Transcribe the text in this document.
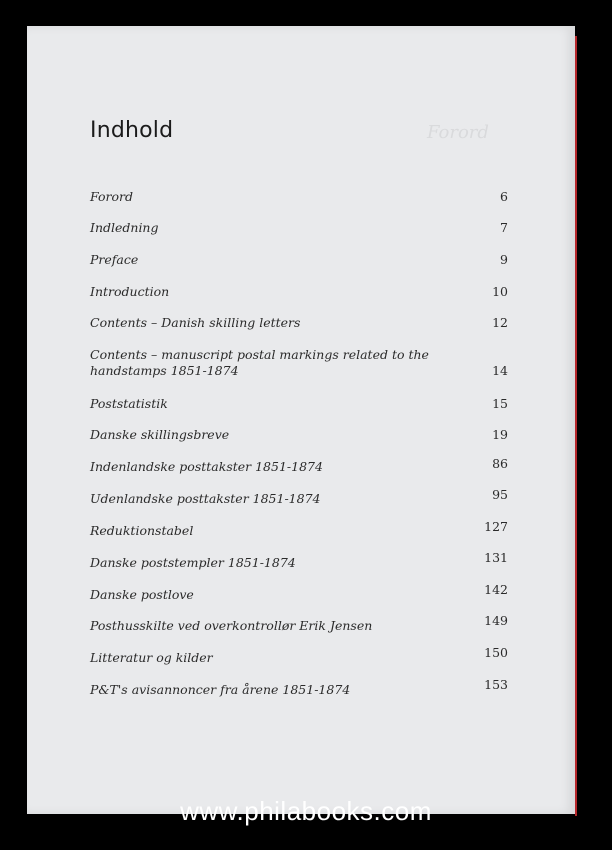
Forord
Indhold
Forord	6
Indledning	7
Preface	9
Introduction	10
Contents – Danish skilling letters	12
Contents – manuscript postal markings related to the handstamps 1851-1874	14
Poststatistik	15
Danske skillingsbreve	19
Indenlandske posttakster 1851-1874	86
Udenlandske posttakster 1851-1874	95
Reduktionstabel	127
Danske poststempler 1851-1874	131
Danske postlove	142
Posthusskilte ved overkontrollør Erik Jensen	149
Litteratur og kilder	150
P&T's avisannoncer fra årene 1851-1874	153
www.philabooks.com
